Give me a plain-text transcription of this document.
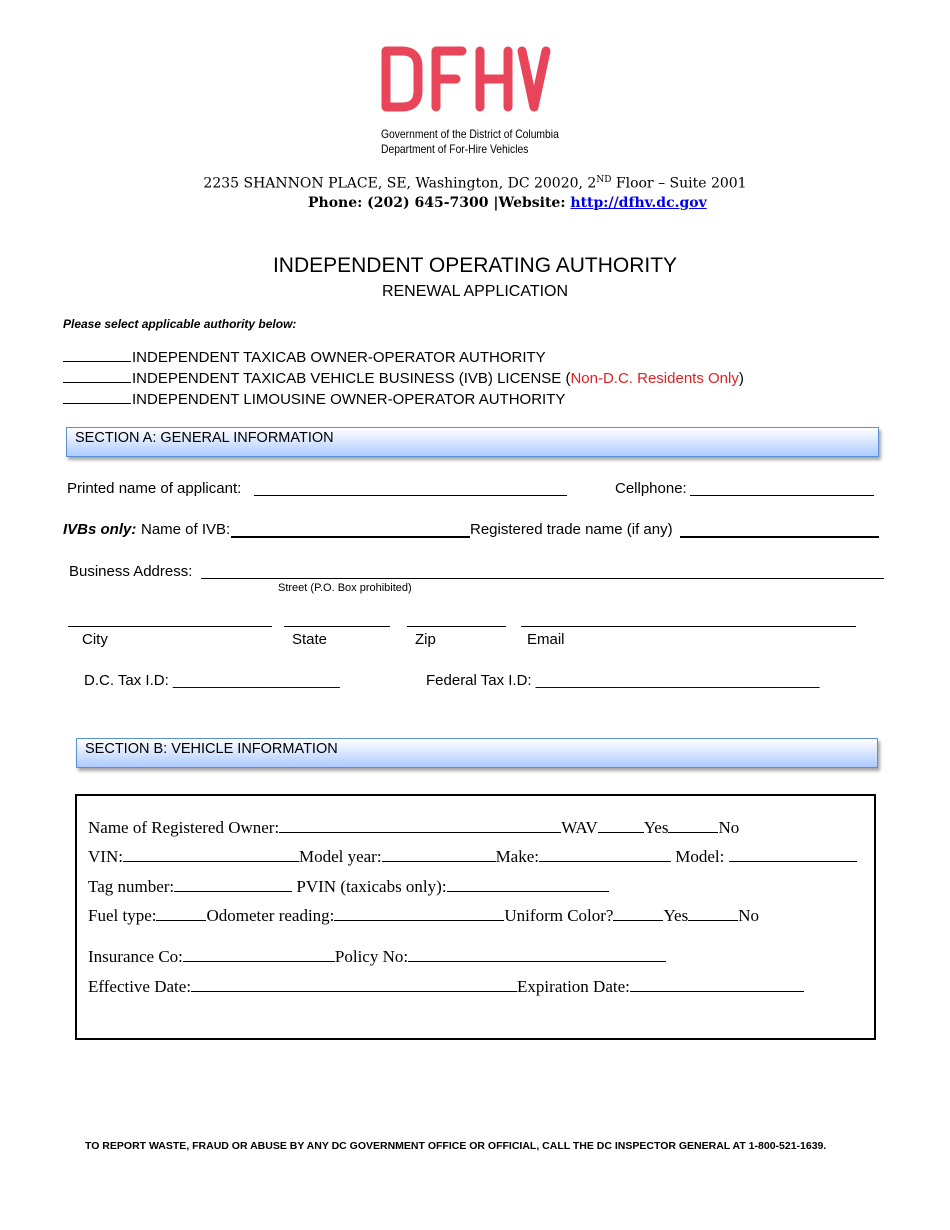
Government of the District of Columbia
Department of For-Hire Vehicles
2235 SHANNON PLACE, SE, Washington, DC 20020, 2ND Floor – Suite 2001
Phone: (202) 645-7300 |Website: http://dfhv.dc.gov
INDEPENDENT OPERATING AUTHORITY
RENEWAL APPLICATION
Please select applicable authority below:
INDEPENDENT TAXICAB OWNER-OPERATOR AUTHORITY
INDEPENDENT TAXICAB VEHICLE BUSINESS (IVB) LICENSE (Non-D.C. Residents Only)
INDEPENDENT LIMOUSINE OWNER-OPERATOR AUTHORITY
SECTION A: GENERAL INFORMATION
Printed name of applicant:	Cellphone:
IVBs only: Name of IVB:	Registered trade name (if any)
Business Address:
Street (P.O. Box prohibited)
City	State	Zip	Email
D.C. Tax I.D: ____________________	Federal Tax I.D: __________________________________
SECTION B: VEHICLE INFORMATION
Name of Registered Owner:	WAV	Yes	No
VIN:	Model year:	Make:	Model:
Tag number:	PVIN (taxicabs only):
Fuel type:	Odometer reading:	Uniform Color?	Yes	No
Insurance Co:	Policy No:
Effective Date:	Expiration Date:
TO REPORT WASTE, FRAUD OR ABUSE BY ANY DC GOVERNMENT OFFICE OR OFFICIAL, CALL THE DC INSPECTOR GENERAL AT 1-800-521-1639.
